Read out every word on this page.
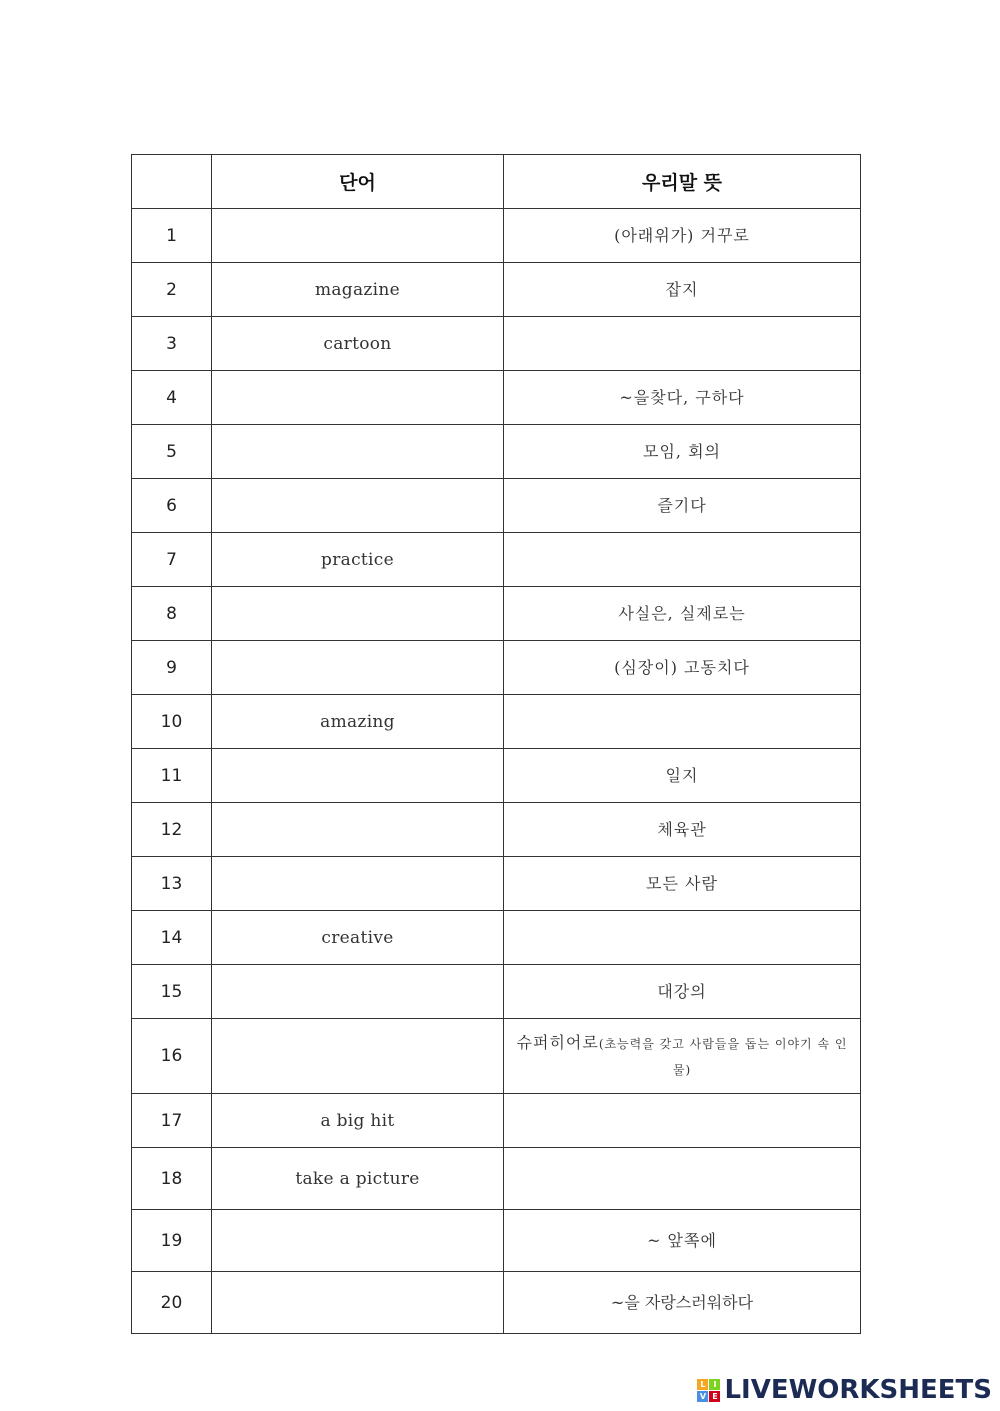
	단어	우리말 뜻
1		(아래위가) 거꾸로
2	magazine	잡지
3	cartoon	
4		~을찾다, 구하다
5		모임, 회의
6		즐기다
7	practice	
8		사실은, 실제로는
9		(심장이) 고동치다
10	amazing	
11		일지
12		체육관
13		모든 사람
14	creative	
15		대강의
16		슈퍼히어로(초능력을 갖고 사람들을 돕는 이야기 속 인물)
17	a big hit	
18	take a picture	
19		~ 앞쪽에
20		~을 자랑스러워하다
L I
V E LIVEWORKSHEETS
